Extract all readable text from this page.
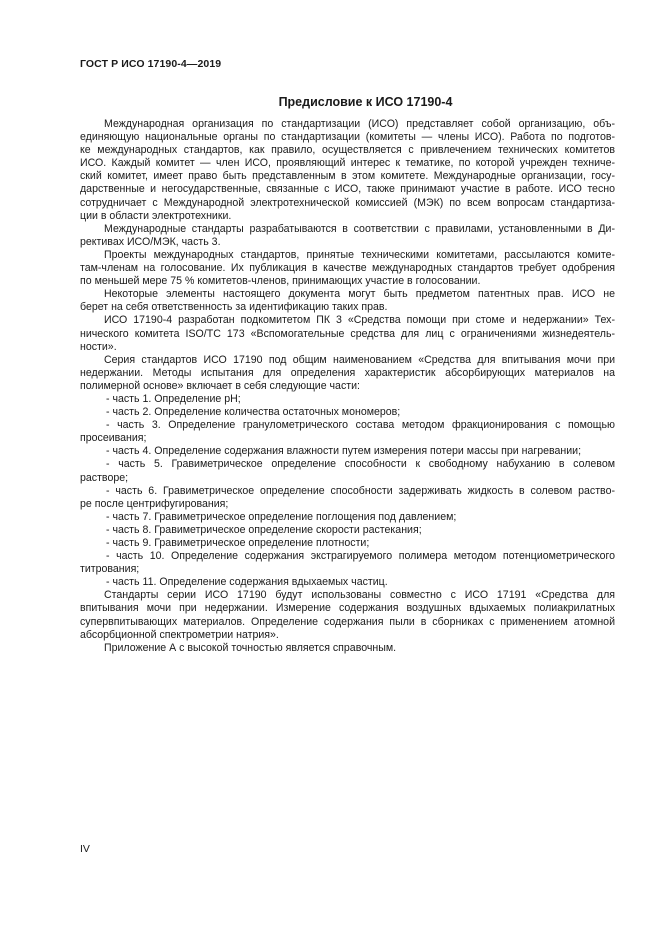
ГОСТ Р ИСО 17190-4—2019
Предисловие к ИСО 17190-4
Международная организация по стандартизации (ИСО) представляет собой организацию, объ-
единяющую национальные органы по стандартизации (комитеты — члены ИСО). Работа по подготов-
ке международных стандартов, как правило, осуществляется с привлечением технических комитетов
ИСО. Каждый комитет — член ИСО, проявляющий интерес к тематике, по которой учрежден техниче-
ский комитет, имеет право быть представленным в этом комитете. Международные организации, госу-
дарственные и негосударственные, связанные с ИСО, также принимают участие в работе. ИСО тесно
сотрудничает с Международной электротехнической комиссией (МЭК) по всем вопросам стандартиза-
ции в области электротехники.
Международные стандарты разрабатываются в соответствии с правилами, установленными в Ди-
рективах ИСО/МЭК, часть 3.
Проекты международных стандартов, принятые техническими комитетами, рассылаются комите-
там-членам на голосование. Их публикация в качестве международных стандартов требует одобрения
по меньшей мере 75 % комитетов-членов, принимающих участие в голосовании.
Некоторые элементы настоящего документа могут быть предметом патентных прав. ИСО не
берет на себя ответственность за идентификацию таких прав.
ИСО 17190-4 разработан подкомитетом ПК 3 «Средства помощи при стоме и недержании» Тех-
нического комитета ISO/TC 173 «Вспомогательные средства для лиц с ограничениями жизнедеятель-
ности».
Серия стандартов ИСО 17190 под общим наименованием «Средства для впитывания мочи при
недержании. Методы испытания для определения характеристик абсорбирующих материалов на
полимерной основе» включает в себя следующие части:
- часть 1. Определение pH;
- часть 2. Определение количества остаточных мономеров;
- часть 3. Определение гранулометрического состава методом фракционирования с помощью
просеивания;
- часть 4. Определение содержания влажности путем измерения потери массы при нагревании;
- часть 5. Гравиметрическое определение способности к свободному набуханию в солевом
растворе;
- часть 6. Гравиметрическое определение способности задерживать жидкость в солевом раство-
ре после центрифугирования;
- часть 7. Гравиметрическое определение поглощения под давлением;
- часть 8. Гравиметрическое определение скорости растекания;
- часть 9. Гравиметрическое определение плотности;
- часть 10. Определение содержания экстрагируемого полимера методом потенциометрического
титрования;
- часть 11. Определение содержания вдыхаемых частиц.
Стандарты серии ИСО 17190 будут использованы совместно с ИСО 17191 «Средства для
впитывания мочи при недержании. Измерение содержания воздушных вдыхаемых полиакрилатных
супервпитывающих материалов. Определение содержания пыли в сборниках с применением атомной
абсорбционной спектрометрии натрия».
Приложение А с высокой точностью является справочным.
IV
